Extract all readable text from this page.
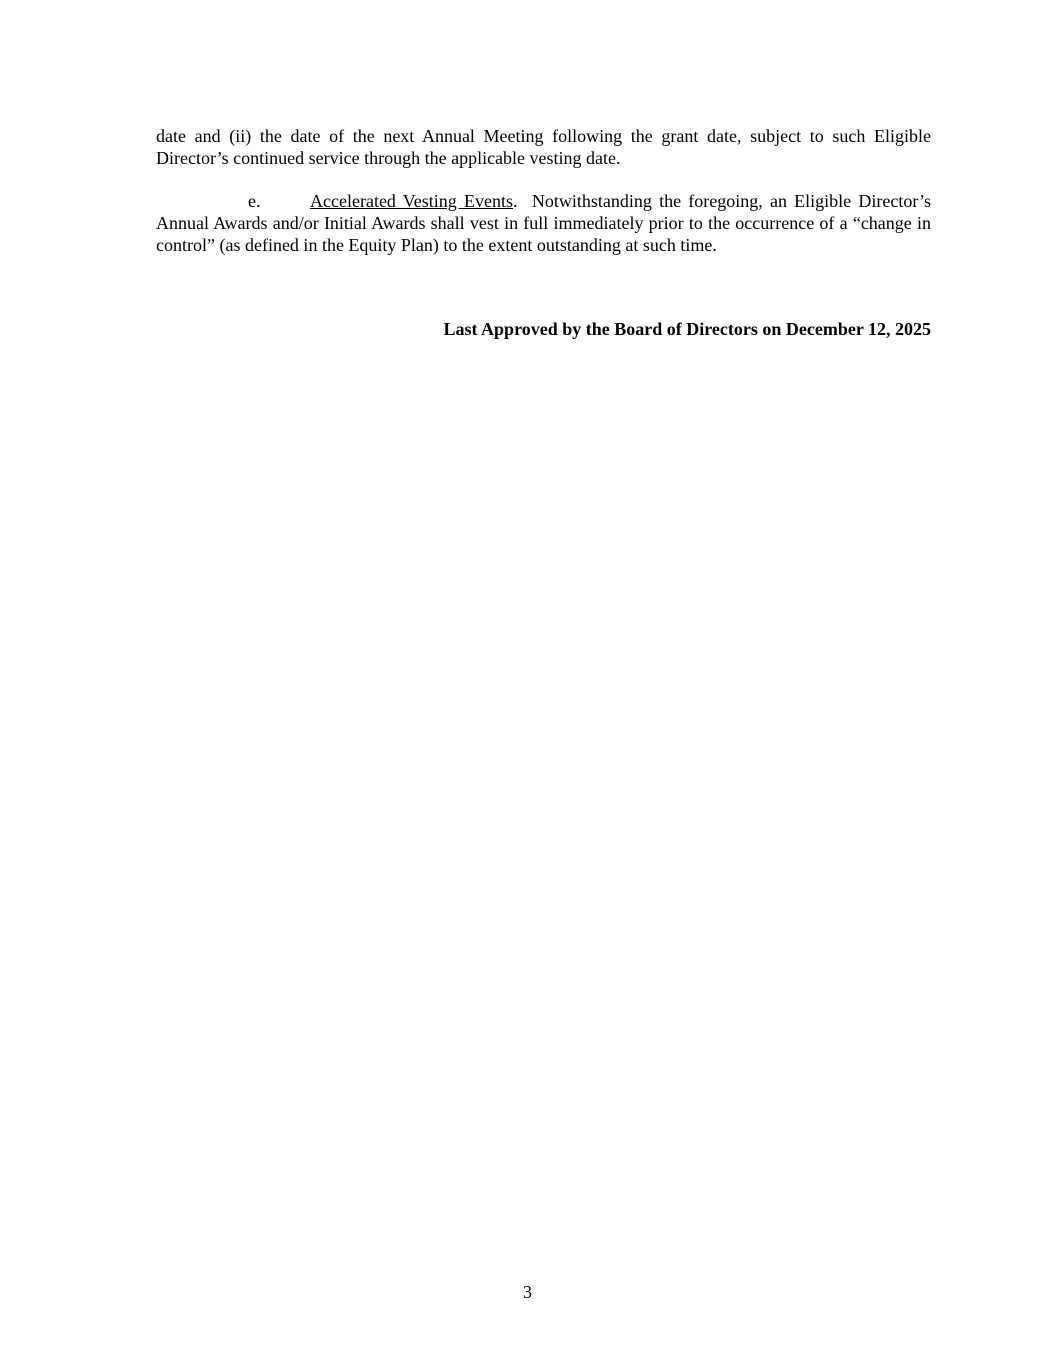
date and (ii) the date of the next Annual Meeting following the grant date, subject to such Eligible Director’s continued service through the applicable vesting date.

e.	Accelerated Vesting Events.  Notwithstanding the foregoing, an Eligible Director’s Annual Awards and/or Initial Awards shall vest in full immediately prior to the occurrence of a “change in control” (as defined in the Equity Plan) to the extent outstanding at such time.

Last Approved by the Board of Directors on December 12, 2025
3
